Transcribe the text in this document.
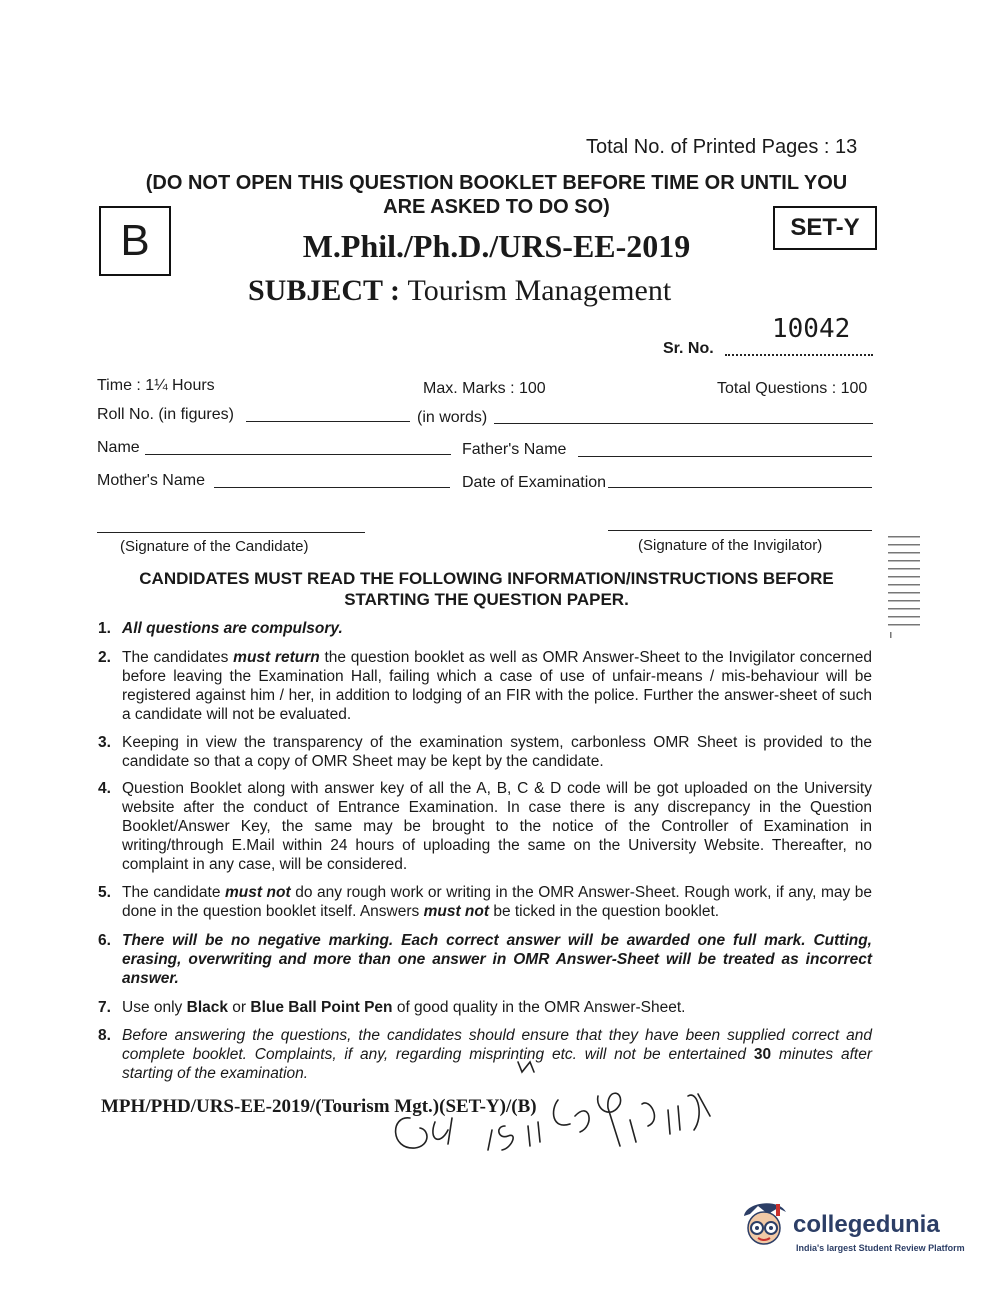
Total No. of Printed Pages : 13
(DO NOT OPEN THIS QUESTION BOOKLET BEFORE TIME OR UNTIL YOU
ARE ASKED TO DO SO)
B	SET-Y
M.Phil./Ph.D./URS-EE-2019
SUBJECT : Tourism Management
10042
Sr. No.
Time : 1¼ Hours	Max. Marks : 100	Total Questions : 100
Roll No. (in figures)	(in words)
Name	Father's Name
Mother's Name	Date of Examination
(Signature of the Candidate)	(Signature of the Invigilator)
CANDIDATES MUST READ THE FOLLOWING INFORMATION/INSTRUCTIONS BEFORE
STARTING THE QUESTION PAPER.
1. All questions are compulsory.
2. The candidates must return the question booklet as well as OMR Answer-Sheet to the Invigilator concerned before leaving the Examination Hall, failing which a case of use of unfair-means / mis-behaviour will be registered against him / her, in addition to lodging of an FIR with the police. Further the answer-sheet of such a candidate will not be evaluated.
3. Keeping in view the transparency of the examination system, carbonless OMR Sheet is provided to the candidate so that a copy of OMR Sheet may be kept by the candidate.
4. Question Booklet along with answer key of all the A, B, C & D code will be got uploaded on the University website after the conduct of Entrance Examination. In case there is any discrepancy in the Question Booklet/Answer Key, the same may be brought to the notice of the Controller of Examination in writing/through E.Mail within 24 hours of uploading the same on the University Website. Thereafter, no complaint in any case, will be considered.
5. The candidate must not do any rough work or writing in the OMR Answer-Sheet. Rough work, if any, may be done in the question booklet itself. Answers must not be ticked in the question booklet.
6. There will be no negative marking. Each correct answer will be awarded one full mark. Cutting, erasing, overwriting and more than one answer in OMR Answer-Sheet will be treated as incorrect answer.
7. Use only Black or Blue Ball Point Pen of good quality in the OMR Answer-Sheet.
8. Before answering the questions, the candidates should ensure that they have been supplied correct and complete booklet. Complaints, if any, regarding misprinting etc. will not be entertained 30 minutes after starting of the examination.
MPH/PHD/URS-EE-2019/(Tourism Mgt.)(SET-Y)/(B)
collegedunia
India's largest Student Review Platform
